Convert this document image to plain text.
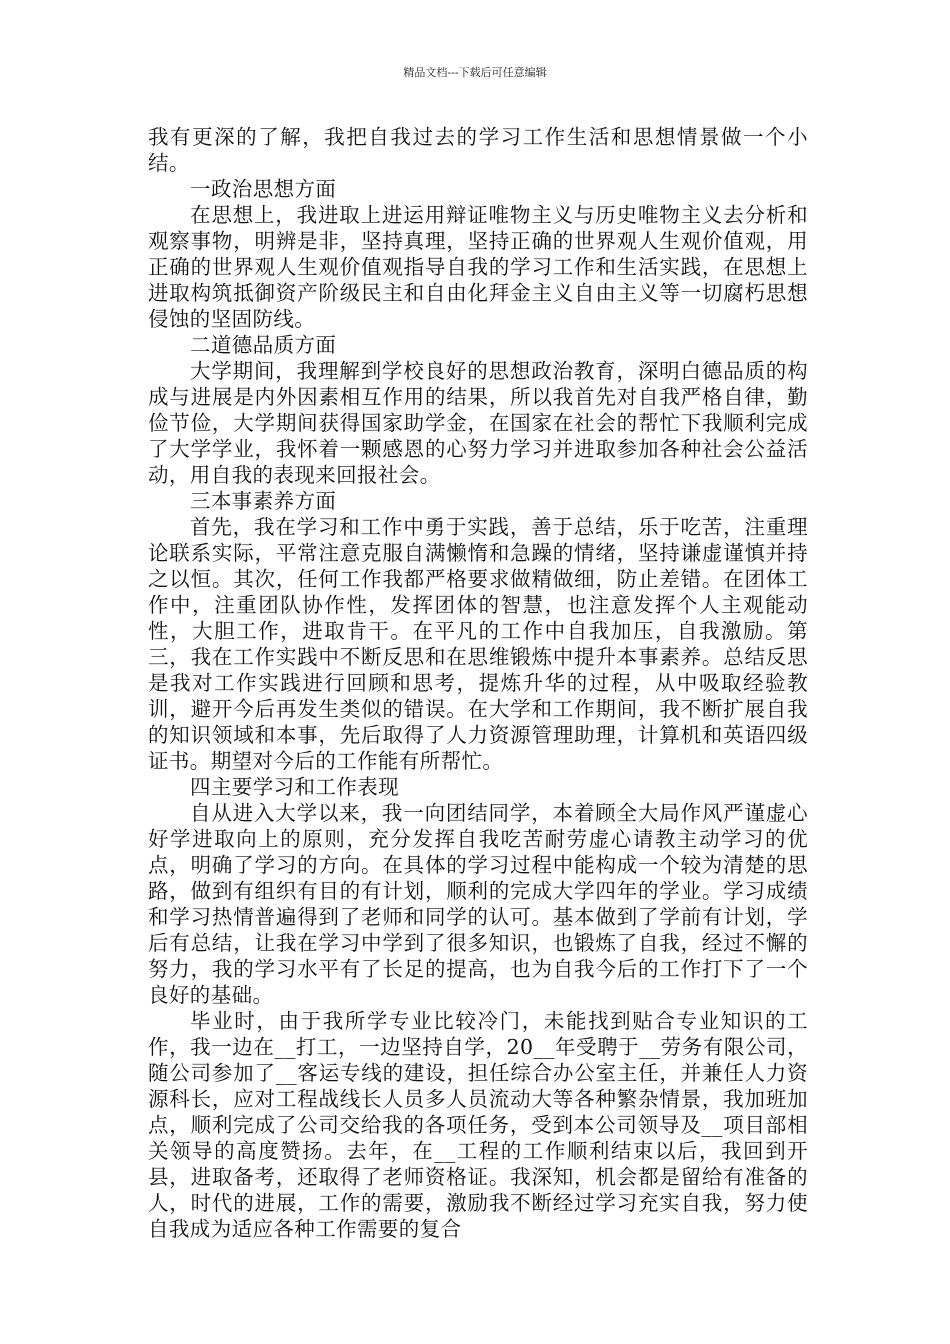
精品文档---下载后可任意编辑

我有更深的了解，我把自我过去的学习工作生活和思想情景做一个小结。

一政治思想方面

在思想上，我进取上进运用辩证唯物主义与历史唯物主义去分析和观察事物，明辨是非，坚持真理，坚持正确的世界观人生观价值观，用正确的世界观人生观价值观指导自我的学习工作和生活实践，在思想上进取构筑抵御资产阶级民主和自由化拜金主义自由主义等一切腐朽思想侵蚀的坚固防线。

二道德品质方面

大学期间，我理解到学校良好的思想政治教育，深明白德品质的构成与进展是内外因素相互作用的结果，所以我首先对自我严格自律，勤俭节俭，大学期间获得国家助学金，在国家在社会的帮忙下我顺利完成了大学学业，我怀着一颗感恩的心努力学习并进取参加各种社会公益活动，用自我的表现来回报社会。

三本事素养方面

首先，我在学习和工作中勇于实践，善于总结，乐于吃苦，注重理论联系实际，平常注意克服自满懒惰和急躁的情绪，坚持谦虚谨慎并持之以恒。其次，任何工作我都严格要求做精做细，防止差错。在团体工作中，注重团队协作性，发挥团体的智慧，也注意发挥个人主观能动性，大胆工作，进取肯干。在平凡的工作中自我加压，自我激励。第三，我在工作实践中不断反思和在思维锻炼中提升本事素养。总结反思是我对工作实践进行回顾和思考，提炼升华的过程，从中吸取经验教训，避开今后再发生类似的错误。在大学和工作期间，我不断扩展自我的知识领域和本事，先后取得了人力资源管理助理，计算机和英语四级证书。期望对今后的工作能有所帮忙。

四主要学习和工作表现

自从进入大学以来，我一向团结同学，本着顾全大局作风严谨虚心好学进取向上的原则，充分发挥自我吃苦耐劳虚心请教主动学习的优点，明确了学习的方向。在具体的学习过程中能构成一个较为清楚的思路，做到有组织有目的有计划，顺利的完成大学四年的学业。学习成绩和学习热情普遍得到了老师和同学的认可。基本做到了学前有计划，学后有总结，让我在学习中学到了很多知识，也锻炼了自我，经过不懈的努力，我的学习水平有了长足的提高，也为自我今后的工作打下了一个良好的基础。

毕业时，由于我所学专业比较冷门，未能找到贴合专业知识的工作，我一边在__打工，一边坚持自学，20__年受聘于__劳务有限公司，随公司参加了__客运专线的建设，担任综合办公室主任，并兼任人力资源科长，应对工程战线长人员多人员流动大等各种繁杂情景，我加班加点，顺利完成了公司交给我的各项任务，受到本公司领导及__项目部相关领导的高度赞扬。去年，在__工程的工作顺利结束以后，我回到开县，进取备考，还取得了老师资格证。我深知，机会都是留给有准备的人，时代的进展，工作的需要，激励我不断经过学习充实自我，努力使自我成为适应各种工作需要的复合
